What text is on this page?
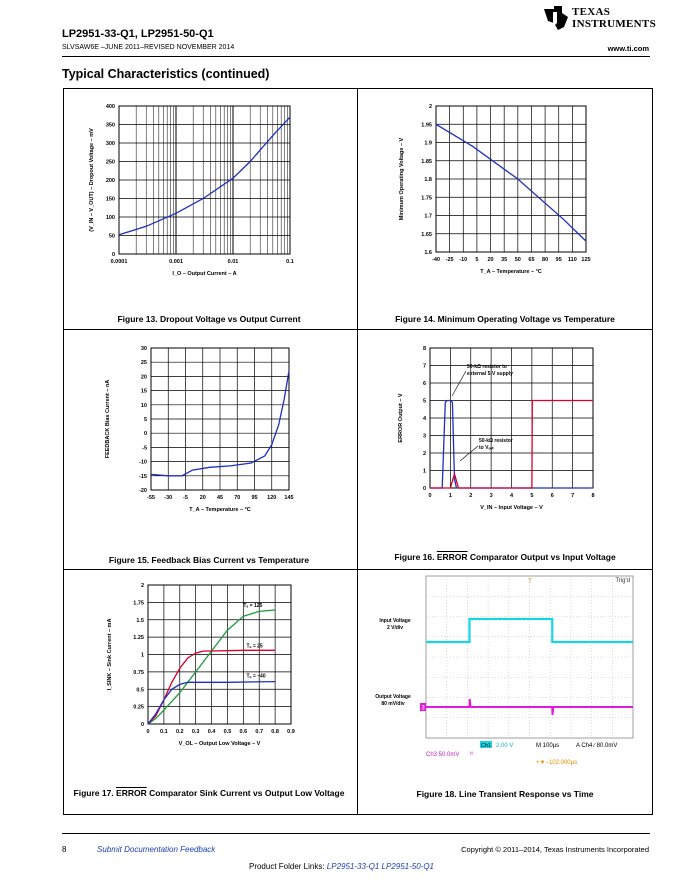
TEXAS
INSTRUMENTS
LP2951-33-Q1, LP2951-50-Q1
SLVSAW6E –JUNE 2011–REVISED NOVEMBER 2014	www.ti.com
Typical Characteristics (continued)
0.0001	0.001	0.01	0.1
0
50
100
150
200
250
300
350
400
I_O – Output Current – A
(V_IN – V_OUT) – Dropout Voltage – mV
Figure 13. Dropout Voltage vs Output Current
-40 -25 -10 5 20 35 50 65 80 95 110 125
1.6
1.65
1.7
1.75
1.8
1.85
1.9
1.95
2
T_A – Temperature – °C
Minimum Operating Voltage – V
Figure 14. Minimum Operating Voltage vs Temperature
-55 -30 -5 20 45 70 95 120 145
-20
-15
-10
-5
0
5
10
15
20
25
30
T_A – Temperature – °C
FEEDBACK Bias Current – nA
Figure 15. Feedback Bias Current vs Temperature
0	1	2	3	4	5	6	7	8
0
1
2
3
4
5
6
7
8
V_IN – Input Voltage – V
ERROR Output – V
50-kΩ resistor to
external 5-V supply
50-kΩ resistor
to Vₒᵤₜ
Figure 16. ERROR Comparator Output vs Input Voltage
0 0.1 0.2 0.3 0.4 0.5 0.6 0.7 0.8 0.9
0
0.25
0.5
0.75
1
1.25
1.5
1.75
2
V_OL – Output Low Voltage – V
I_SINK – Sink Current – mA
Tₐ = 125
Tₐ = 25
Tₐ = −40
Figure 17. ERROR Comparator Sink Current vs Output Low Voltage
Trig'd
T
Input Voltage
2 V/div
Output Voltage
80 mV/div
3
Ch1 2.00 V	M 100µs	A Ch4 ∕ 80.0mV
Ch3 50.0mV ᴺ
+▼−102.000µs
Figure 18. Line Transient Response vs Time
8	Submit Documentation Feedback	Copyright © 2011–2014, Texas Instruments Incorporated
Product Folder Links: LP2951-33-Q1 LP2951-50-Q1
